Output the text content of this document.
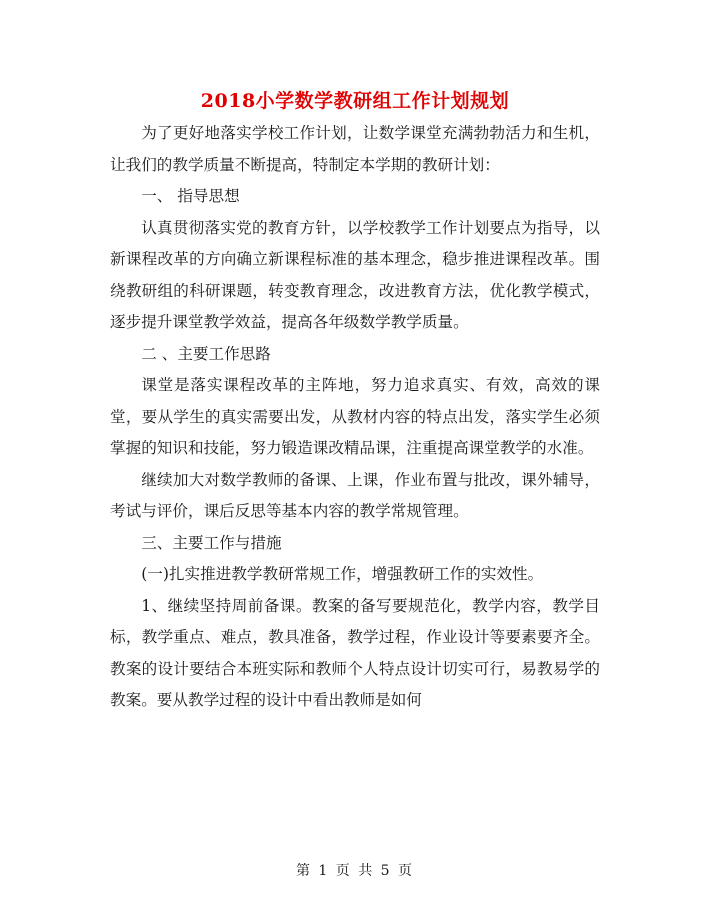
2018小学数学教研组工作计划规划

为了更好地落实学校工作计划，让数学课堂充满勃勃活力和生机，让我们的教学质量不断提高，特制定本学期的教研计划：

一、 指导思想

认真贯彻落实党的教育方针，以学校教学工作计划要点为指导，以新课程改革的方向确立新课程标准的基本理念，稳步推进课程改革。围绕教研组的科研课题，转变教育理念，改进教育方法，优化教学模式，逐步提升课堂教学效益，提高各年级数学教学质量。

二 、主要工作思路

课堂是落实课程改革的主阵地，努力追求真实、有效，高效的课堂，要从学生的真实需要出发，从教材内容的特点出发，落实学生必须掌握的知识和技能，努力锻造课改精品课，注重提高课堂教学的水准。

继续加大对数学教师的备课、上课，作业布置与批改，课外辅导，考试与评价，课后反思等基本内容的教学常规管理。

三、主要工作与措施

(一)扎实推进教学教研常规工作，增强教研工作的实效性。

1、继续坚持周前备课。教案的备写要规范化，教学内容，教学目标，教学重点、难点，教具准备，教学过程，作业设计等要素要齐全。教案的设计要结合本班实际和教师个人特点设计切实可行，易教易学的教案。要从教学过程的设计中看出教师是如何

第 1 页 共 5 页
